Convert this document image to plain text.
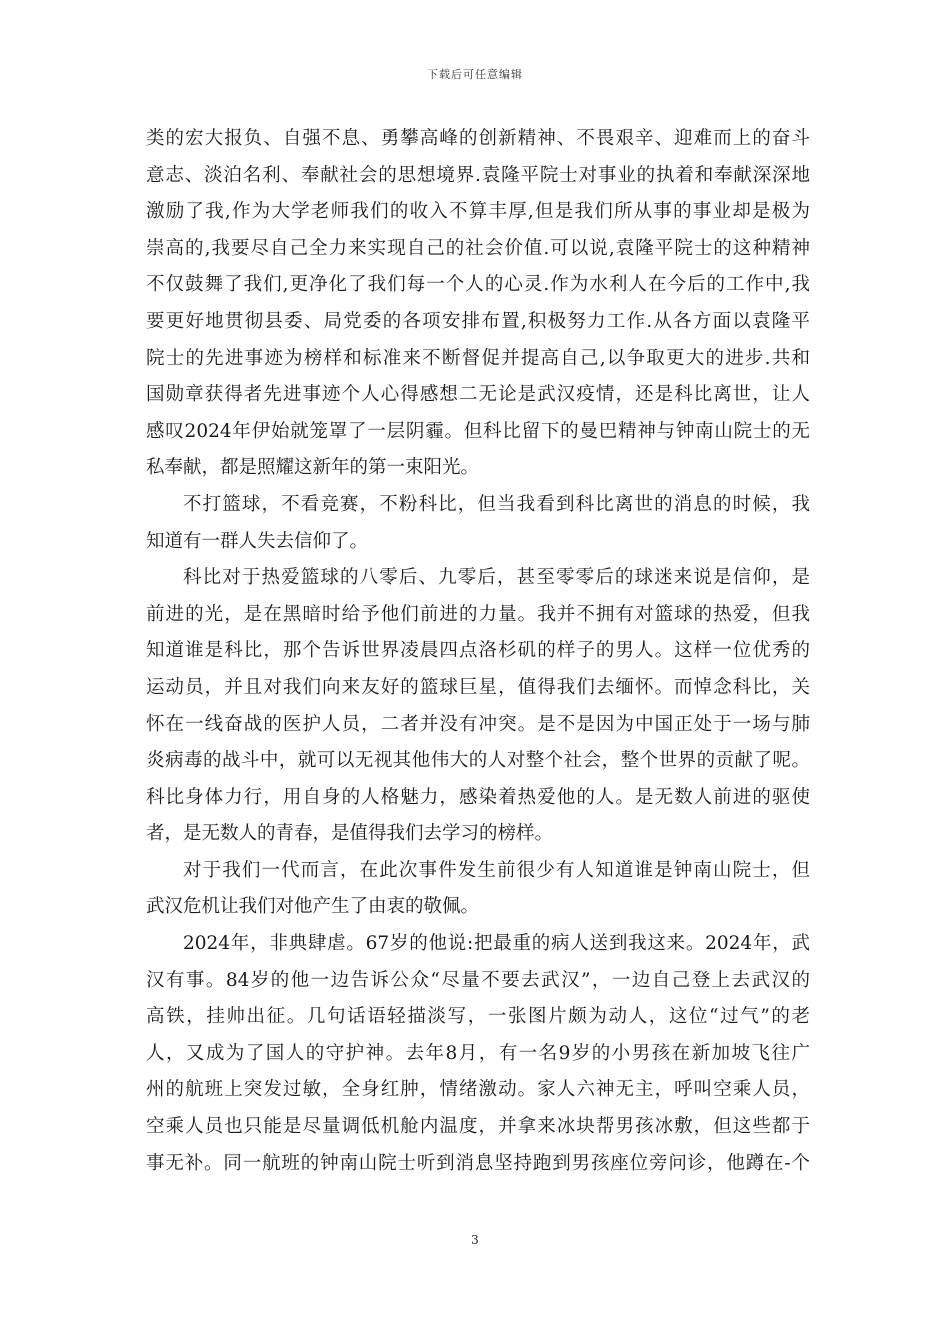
下载后可任意编辑
类的宏大报负、自强不息、勇攀高峰的创新精神、不畏艰辛、迎难而上的奋斗
意志、淡泊名利、奉献社会的思想境界.袁隆平院士对事业的执着和奉献深深地
激励了我,作为大学老师我们的收入不算丰厚,但是我们所从事的事业却是极为
崇高的,我要尽自己全力来实现自己的社会价值.可以说,袁隆平院士的这种精神
不仅鼓舞了我们,更净化了我们每一个人的心灵.作为水利人在今后的工作中,我
要更好地贯彻县委、局党委的各项安排布置,积极努力工作.从各方面以袁隆平
院士的先进事迹为榜样和标准来不断督促并提高自己,以争取更大的进步.共和
国勋章获得者先进事迹个人心得感想二无论是武汉疫情，还是科比离世，让人
感叹2024年伊始就笼罩了一层阴霾。但科比留下的曼巴精神与钟南山院士的无
私奉献，都是照耀这新年的第一束阳光。
不打篮球，不看竞赛，不粉科比，但当我看到科比离世的消息的时候，我
知道有一群人失去信仰了。
科比对于热爱篮球的八零后、九零后，甚至零零后的球迷来说是信仰，是
前进的光，是在黑暗时给予他们前进的力量。我并不拥有对篮球的热爱，但我
知道谁是科比，那个告诉世界凌晨四点洛杉矶的样子的男人。这样一位优秀的
运动员，并且对我们向来友好的篮球巨星，值得我们去缅怀。而悼念科比，关
怀在一线奋战的医护人员，二者并没有冲突。是不是因为中国正处于一场与肺
炎病毒的战斗中，就可以无视其他伟大的人对整个社会，整个世界的贡献了呢。
科比身体力行，用自身的人格魅力，感染着热爱他的人。是无数人前进的驱使
者，是无数人的青春，是值得我们去学习的榜样。
对于我们一代而言，在此次事件发生前很少有人知道谁是钟南山院士，但
武汉危机让我们对他产生了由衷的敬佩。
2024年，非典肆虐。67岁的他说:把最重的病人送到我这来。2024年，武
汉有事。84岁的他一边告诉公众“尽量不要去武汉”，一边自己登上去武汉的
高铁，挂帅出征。几句话语轻描淡写，一张图片颇为动人，这位“过气”的老
人，又成为了国人的守护神。去年8月，有一名9岁的小男孩在新加坡飞往广
州的航班上突发过敏，全身红肿，情绪激动。家人六神无主，呼叫空乘人员，
空乘人员也只能是尽量调低机舱内温度，并拿来冰块帮男孩冰敷，但这些都于
事无补。同一航班的钟南山院士听到消息坚持跑到男孩座位旁问诊，他蹲在-个
3
